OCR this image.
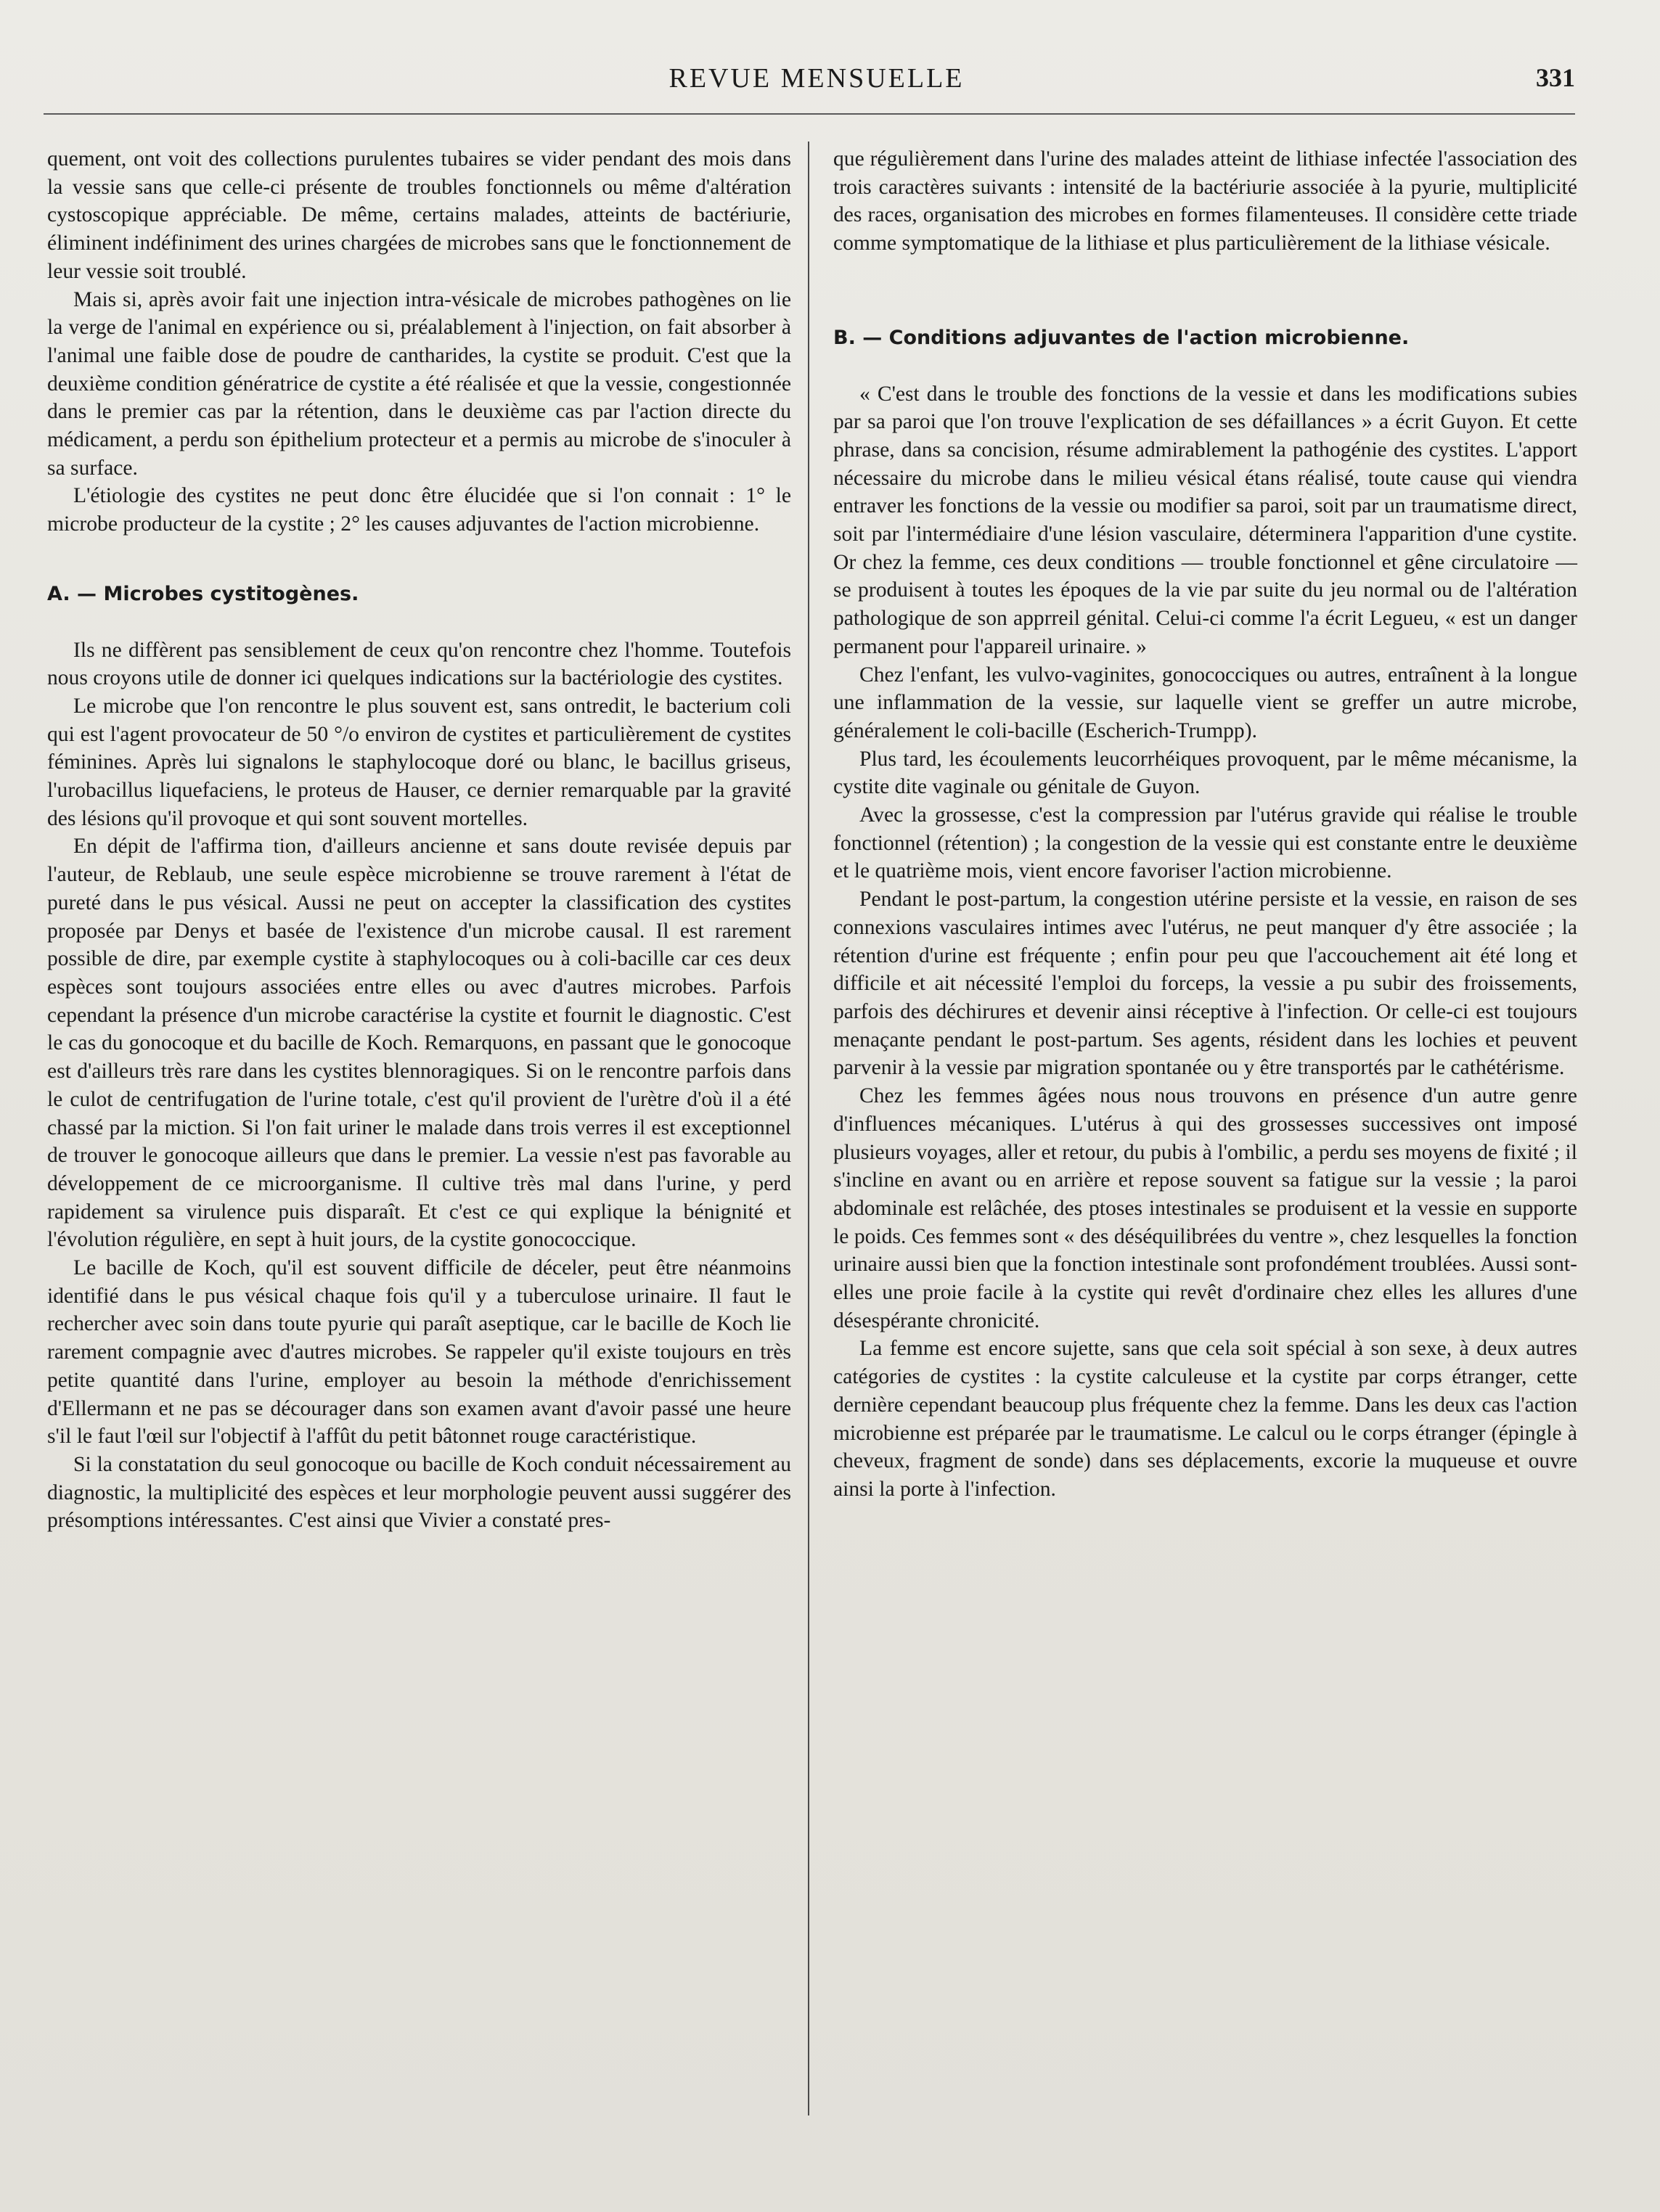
REVUE MENSUELLE	331

quement, ont voit des collections purulentes tubaires se vider pendant des mois dans la vessie sans que celle-ci présente de troubles fonctionnels ou même d'altération cystoscopique appréciable. De même, certains malades, atteints de bactériurie, éliminent indéfiniment des urines chargées de microbes sans que le fonctionnement de leur vessie soit troublé.

Mais si, après avoir fait une injection intra-vésicale de microbes pathogènes on lie la verge de l'animal en expérience ou si, préalablement à l'injection, on fait absorber à l'animal une faible dose de poudre de cantharides, la cystite se produit. C'est que la deuxième condition génératrice de cystite a été réalisée et que la vessie, congestionnée dans le premier cas par la rétention, dans le deuxième cas par l'action directe du médicament, a perdu son épithelium protecteur et a permis au microbe de s'inoculer à sa surface.

L'étiologie des cystites ne peut donc être élucidée que si l'on connait : 1° le microbe producteur de la cystite ; 2° les causes adjuvantes de l'action microbienne.

A. — Microbes cystitogènes.

Ils ne diffèrent pas sensiblement de ceux qu'on rencontre chez l'homme. Toutefois nous croyons utile de donner ici quelques indications sur la bactériologie des cystites.

Le microbe que l'on rencontre le plus souvent est, sans ontredit, le bacterium coli qui est l'agent provocateur de 50 °/o environ de cystites et particulièrement de cystites féminines. Après lui signalons le staphylocoque doré ou blanc, le bacillus griseus, l'urobacillus liquefaciens, le proteus de Hauser, ce dernier remarquable par la gravité des lésions qu'il provoque et qui sont souvent mortelles.

En dépit de l'affirma tion, d'ailleurs ancienne et sans doute revisée depuis par l'auteur, de Reblaub, une seule espèce microbienne se trouve rarement à l'état de pureté dans le pus vésical. Aussi ne peut on accepter la classification des cystites proposée par Denys et basée de l'existence d'un microbe causal. Il est rarement possible de dire, par exemple cystite à staphylocoques ou à coli-bacille car ces deux espèces sont toujours associées entre elles ou avec d'autres microbes. Parfois cependant la présence d'un microbe caractérise la cystite et fournit le diagnostic. C'est le cas du gonocoque et du bacille de Koch. Remarquons, en passant que le gonocoque est d'ailleurs très rare dans les cystites blennoragiques. Si on le rencontre parfois dans le culot de centrifugation de l'urine totale, c'est qu'il provient de l'urètre d'où il a été chassé par la miction. Si l'on fait uriner le malade dans trois verres il est exceptionnel de trouver le gonocoque ailleurs que dans le premier. La vessie n'est pas favorable au développement de ce microorganisme. Il cultive très mal dans l'urine, y perd rapidement sa virulence puis disparaît. Et c'est ce qui explique la bénignité et l'évolution régulière, en sept à huit jours, de la cystite gonococcique.

Le bacille de Koch, qu'il est souvent difficile de déceler, peut être néanmoins identifié dans le pus vésical chaque fois qu'il y a tuberculose urinaire. Il faut le rechercher avec soin dans toute pyurie qui paraît aseptique, car le bacille de Koch lie rarement compagnie avec d'autres microbes. Se rappeler qu'il existe toujours en très petite quantité dans l'urine, employer au besoin la méthode d'enrichissement d'Ellermann et ne pas se décourager dans son examen avant d'avoir passé une heure s'il le faut l'œil sur l'objectif à l'affût du petit bâtonnet rouge caractéristique.

Si la constatation du seul gonocoque ou bacille de Koch conduit nécessairement au diagnostic, la multiplicité des espèces et leur morphologie peuvent aussi suggérer des présomptions intéressantes. C'est ainsi que Vivier a constaté pres-

que régulièrement dans l'urine des malades atteint de lithiase infectée l'association des trois caractères suivants : intensité de la bactériurie associée à la pyurie, multiplicité des races, organisation des microbes en formes filamenteuses. Il considère cette triade comme symptomatique de la lithiase et plus particulièrement de la lithiase vésicale.

B. — Conditions adjuvantes de l'action microbienne.

« C'est dans le trouble des fonctions de la vessie et dans les modifications subies par sa paroi que l'on trouve l'explication de ses défaillances » a écrit Guyon. Et cette phrase, dans sa concision, résume admirablement la pathogénie des cystites. L'apport nécessaire du microbe dans le milieu vésical étans réalisé, toute cause qui viendra entraver les fonctions de la vessie ou modifier sa paroi, soit par un traumatisme direct, soit par l'intermédiaire d'une lésion vasculaire, déterminera l'apparition d'une cystite. Or chez la femme, ces deux conditions — trouble fonctionnel et gêne circulatoire — se produisent à toutes les époques de la vie par suite du jeu normal ou de l'altération pathologique de son apprreil génital. Celui-ci comme l'a écrit Legueu, « est un danger permanent pour l'appareil urinaire. »

Chez l'enfant, les vulvo-vaginites, gonococciques ou autres, entraînent à la longue une inflammation de la vessie, sur laquelle vient se greffer un autre microbe, généralement le coli-bacille (Escherich-Trumpp).

Plus tard, les écoulements leucorrhéiques provoquent, par le même mécanisme, la cystite dite vaginale ou génitale de Guyon.

Avec la grossesse, c'est la compression par l'utérus gravide qui réalise le trouble fonctionnel (rétention) ; la congestion de la vessie qui est constante entre le deuxième et le quatrième mois, vient encore favoriser l'action microbienne.

Pendant le post-partum, la congestion utérine persiste et la vessie, en raison de ses connexions vasculaires intimes avec l'utérus, ne peut manquer d'y être associée ; la rétention d'urine est fréquente ; enfin pour peu que l'accouchement ait été long et difficile et ait nécessité l'emploi du forceps, la vessie a pu subir des froissements, parfois des déchirures et devenir ainsi réceptive à l'infection. Or celle-ci est toujours menaçante pendant le post-partum. Ses agents, résident dans les lochies et peuvent parvenir à la vessie par migration spontanée ou y être transportés par le cathétérisme.

Chez les femmes âgées nous nous trouvons en présence d'un autre genre d'influences mécaniques. L'utérus à qui des grossesses successives ont imposé plusieurs voyages, aller et retour, du pubis à l'ombilic, a perdu ses moyens de fixité ; il s'incline en avant ou en arrière et repose souvent sa fatigue sur la vessie ; la paroi abdominale est relâchée, des ptoses intestinales se produisent et la vessie en supporte le poids. Ces femmes sont « des déséquilibrées du ventre », chez lesquelles la fonction urinaire aussi bien que la fonction intestinale sont profondément troublées. Aussi sont-elles une proie facile à la cystite qui revêt d'ordinaire chez elles les allures d'une désespérante chronicité.

La femme est encore sujette, sans que cela soit spécial à son sexe, à deux autres catégories de cystites : la cystite calculeuse et la cystite par corps étranger, cette dernière cependant beaucoup plus fréquente chez la femme. Dans les deux cas l'action microbienne est préparée par le traumatisme. Le calcul ou le corps étranger (épingle à cheveux, fragment de sonde) dans ses déplacements, excorie la muqueuse et ouvre ainsi la porte à l'infection.
